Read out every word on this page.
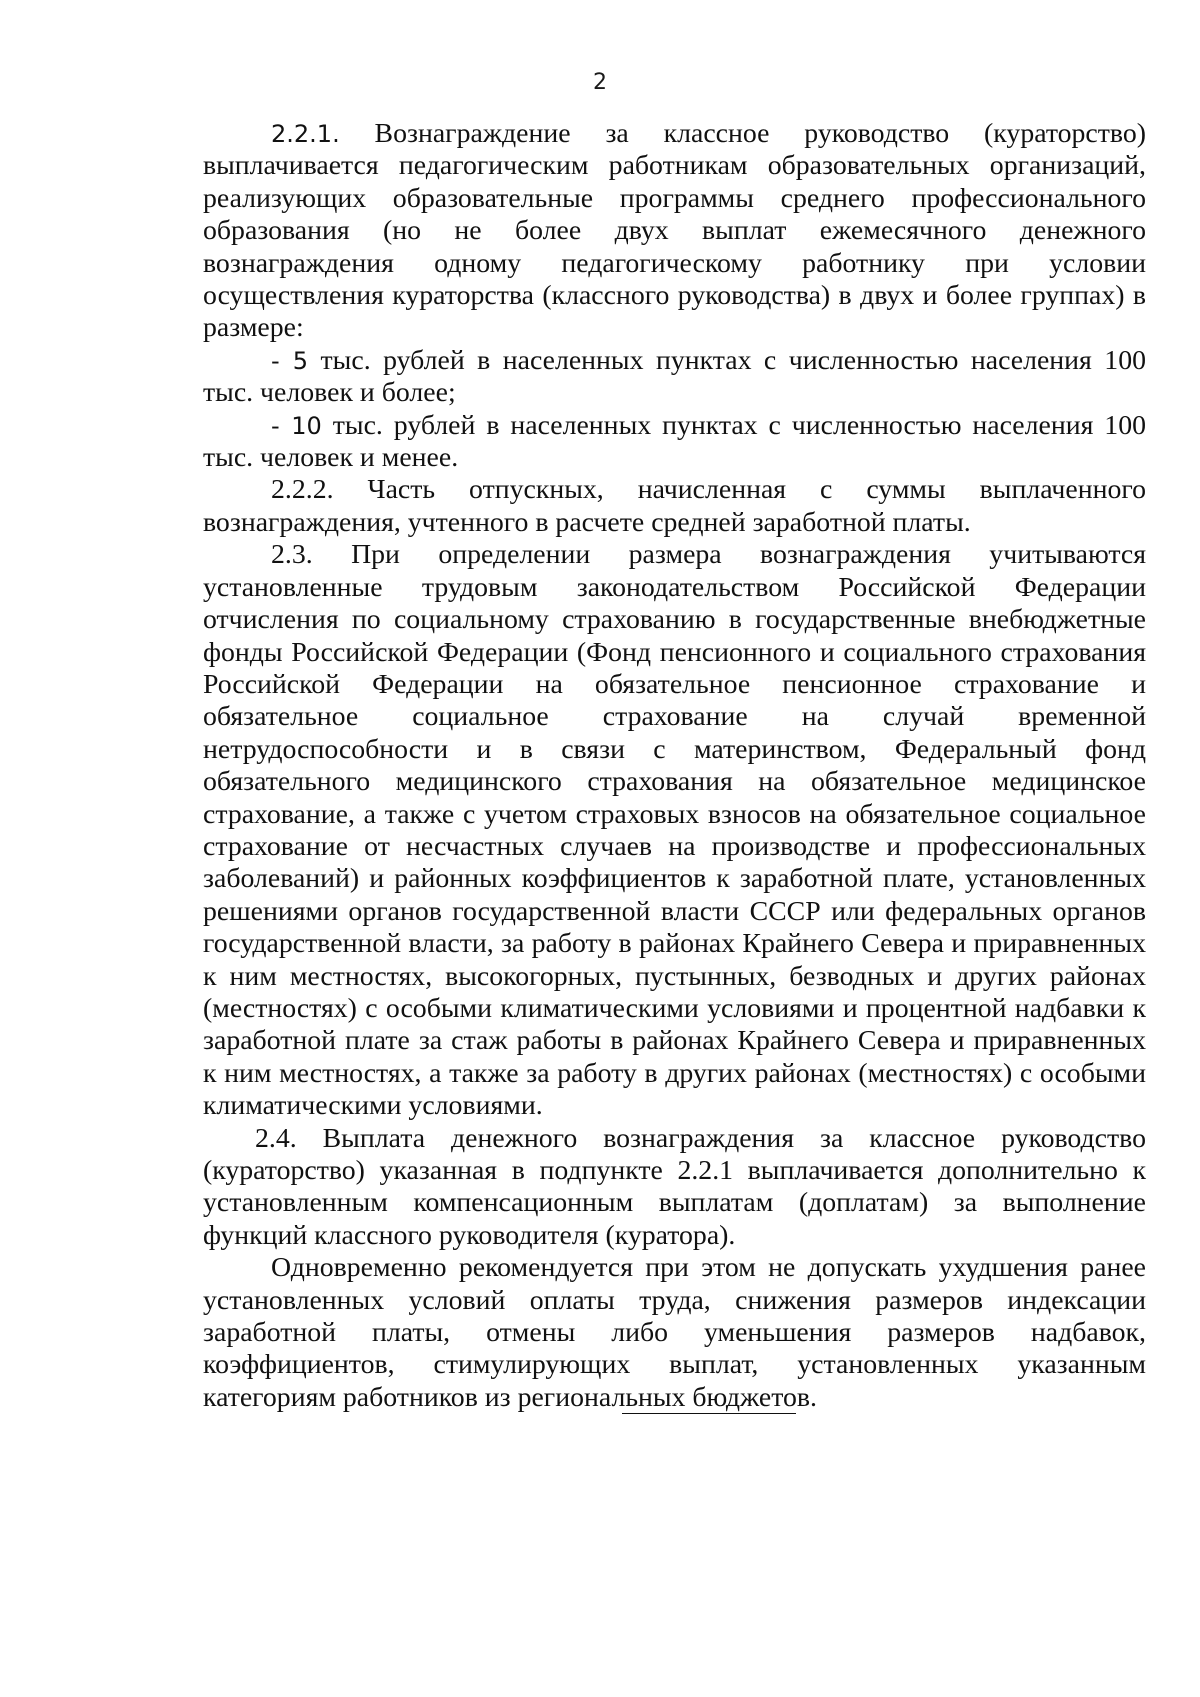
2

2.2.1. Вознаграждение за классное руководство (кураторство) выплачивается педагогическим работникам образовательных организаций, реализующих образовательные программы среднего профессионального образования (но не более двух выплат ежемесячного денежного вознаграждения одному педагогическому работнику при условии осуществления кураторства (классного руководства) в двух и более группах) в размере:

- 5 тыс. рублей в населенных пунктах с численностью населения 100 тыс. человек и более;

- 10 тыс. рублей в населенных пунктах с численностью населения 100 тыс. человек и менее.

2.2.2. Часть отпускных, начисленная с суммы выплаченного вознаграждения, учтенного в расчете средней заработной платы.

2.3. При определении размера вознаграждения учитываются установленные трудовым законодательством Российской Федерации отчисления по социальному страхованию в государственные внебюджетные фонды Российской Федерации (Фонд пенсионного и социального страхования Российской Федерации на обязательное пенсионное страхование и обязательное социальное страхование на случай временной нетрудоспособности и в связи с материнством, Федеральный фонд обязательного медицинского страхования на обязательное медицинское страхование, а также с учетом страховых взносов на обязательное социальное страхование от несчастных случаев на производстве и профессиональных заболеваний) и районных коэффициентов к заработной плате, установленных решениями органов государственной власти СССР или федеральных органов государственной власти, за работу в районах Крайнего Севера и приравненных к ним местностях, высокогорных, пустынных, безводных и других районах (местностях) с особыми климатическими условиями и процентной надбавки к заработной плате за стаж работы в районах Крайнего Севера и приравненных к ним местностях, а также за работу в других районах (местностях) с особыми климатическими условиями.

2.4. Выплата денежного вознаграждения за классное руководство (кураторство) указанная в подпункте 2.2.1 выплачивается дополнительно к установленным компенсационным выплатам (доплатам) за выполнение функций классного руководителя (куратора).

Одновременно рекомендуется при этом не допускать ухудшения ранее установленных условий оплаты труда, снижения размеров индексации заработной платы, отмены либо уменьшения размеров надбавок, коэффициентов, стимулирующих выплат, установленных указанным категориям работников из региональных бюджетов.
